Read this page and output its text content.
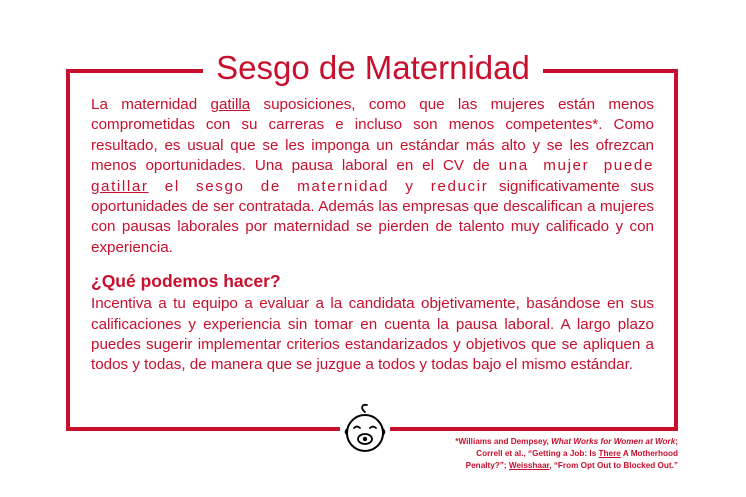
Sesgo de Maternidad

La maternidad gatilla suposiciones, como que las mujeres están menos comprometidas con su carreras e incluso son menos competentes*. Como resultado, es usual que se les imponga un estándar más alto y se les ofrezcan menos oportunidades. Una pausa laboral en el CV de una mujer puede gatillar el sesgo de maternidad y reducir significativamente sus oportunidades de ser contratada. Además las empresas que descalifican a mujeres con pausas laborales por maternidad se pierden de talento muy calificado y con experiencia.

¿Qué podemos hacer?

Incentiva a tu equipo a evaluar a la candidata objetivamente, basándose en sus calificaciones y experiencia sin tomar en cuenta la pausa laboral. A largo plazo puedes sugerir implementar criterios estandarizados y objetivos que se apliquen a todos y todas, de manera que se juzgue a todos y todas bajo el mismo estándar.

*Williams and Dempsey, What Works for Women at Work;
Correll et al., “Getting a Job: Is There A Motherhood
Penalty?”; Weisshaar, “From Opt Out to Blocked Out.”
